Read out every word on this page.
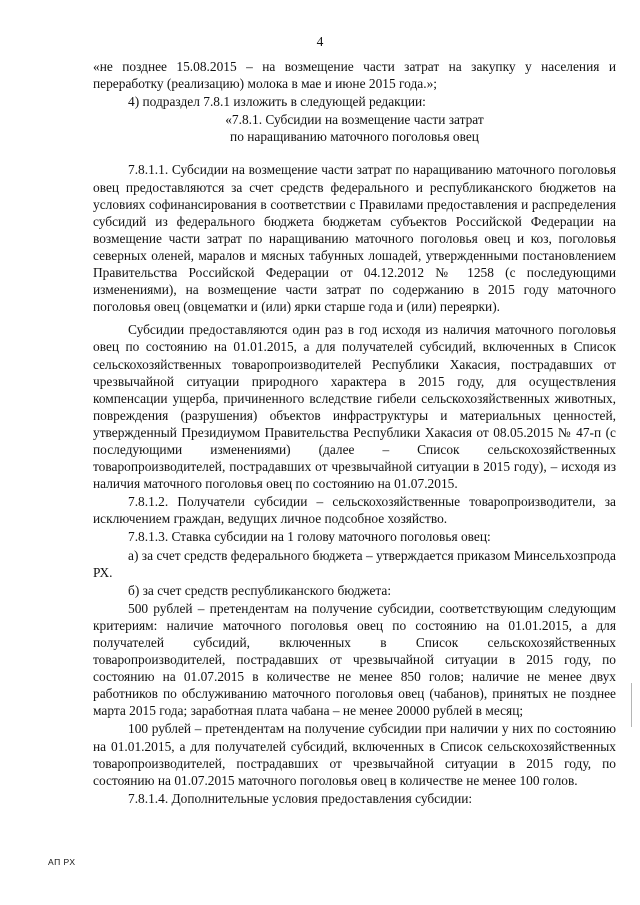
4

«не позднее 15.08.2015 – на возмещение части затрат на закупку у населения и переработку (реализацию) молока в мае и июне 2015 года.»;

4) подраздел 7.8.1 изложить в следующей редакции:

«7.8.1. Субсидии на возмещение части затрат

по наращиванию маточного поголовья овец

7.8.1.1. Субсидии на возмещение части затрат по наращиванию маточного поголовья овец предоставляются за счет средств федерального и республиканского бюджетов на условиях софинансирования в соответствии с Правилами предоставления и распределения субсидий из федерального бюджета бюджетам субъектов Российской Федерации на возмещение части затрат по наращиванию маточного поголовья овец и коз, поголовья северных оленей, маралов и мясных табунных лошадей, утвержденными постановлением Правительства Российской Федерации от 04.12.2012 № 1258 (с последующими изменениями), на возмещение части затрат по содержанию в 2015 году маточного поголовья овец (овцематки и (или) ярки старше года и (или) переярки).

Субсидии предоставляются один раз в год исходя из наличия маточного поголовья овец по состоянию на 01.01.2015, а для получателей субсидий, включенных в Список сельскохозяйственных товаропроизводителей Республики Хакасия, пострадавших от чрезвычайной ситуации природного характера в 2015 году, для осуществления компенсации ущерба, причиненного вследствие гибели сельскохозяйственных животных, повреждения (разрушения) объектов инфраструктуры и материальных ценностей, утвержденный Президиумом Правительства Республики Хакасия от 08.05.2015 № 47-п (с последующими изменениями) (далее – Список сельскохозяйственных товаропроизводителей, пострадавших от чрезвычайной ситуации в 2015 году), – исходя из наличия маточного поголовья овец по состоянию на 01.07.2015.

7.8.1.2. Получатели субсидии – сельскохозяйственные товаропроизводители, за исключением граждан, ведущих личное подсобное хозяйство.

7.8.1.3. Ставка субсидии на 1 голову маточного поголовья овец:

а) за счет средств федерального бюджета – утверждается приказом Минсельхозпрода РХ.

б) за счет средств республиканского бюджета:

500 рублей – претендентам на получение субсидии, соответствующим следующим критериям: наличие маточного поголовья овец по состоянию на 01.01.2015, а для получателей субсидий, включенных в Список сельскохозяйственных товаропроизводителей, пострадавших от чрезвычайной ситуации в 2015 году, по состоянию на 01.07.2015 в количестве не менее 850 голов; наличие не менее двух работников по обслуживанию маточного поголовья овец (чабанов), принятых не позднее марта 2015 года; заработная плата чабана – не менее 20000 рублей в месяц;

100 рублей – претендентам на получение субсидии при наличии у них по состоянию на 01.01.2015, а для получателей субсидий, включенных в Список сельскохозяйственных товаропроизводителей, пострадавших от чрезвычайной ситуации в 2015 году, по состоянию на 01.07.2015 маточного поголовья овец в количестве не менее 100 голов.

7.8.1.4. Дополнительные условия предоставления субсидии:

АП РХ
